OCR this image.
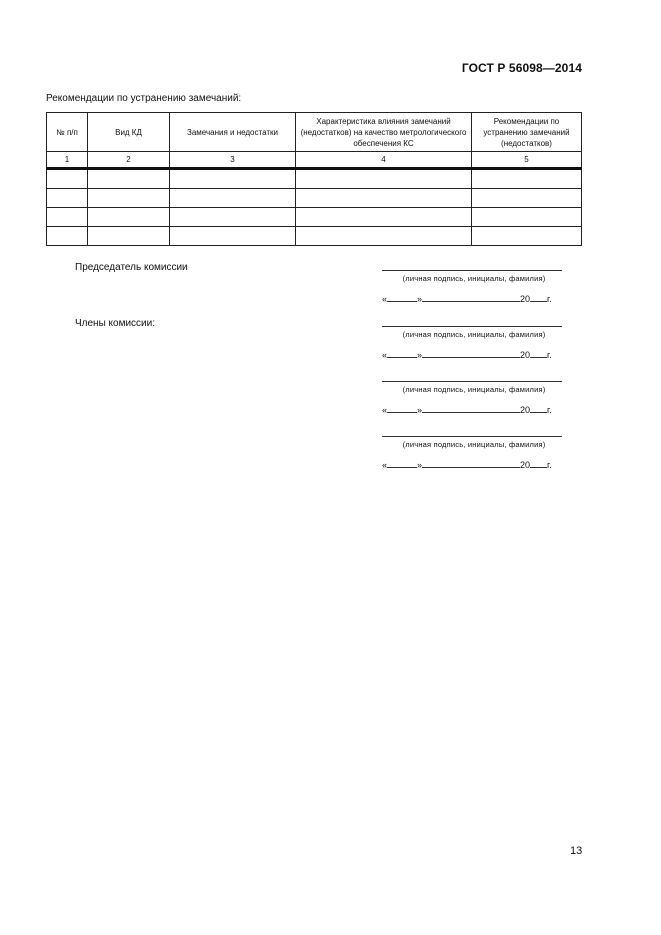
ГОСТ Р 56098—2014
Рекомендации по устранению замечаний:
№ п/п	Вид КД	Замечания и недостатки	Характеристика влияния замечаний (недостатков) на качество метрологического обеспечения КС	Рекомендации по устранению замечаний (недостатков)
1	2	3	4	5

Председатель комиссии
(личная подпись, инициалы, фамилия)
«	»	20 г.
Члены комиссии:
(личная подпись, инициалы, фамилия)
«	»	20 г.
(личная подпись, инициалы, фамилия)
«	»	20 г.
(личная подпись, инициалы, фамилия)
«	»	20 г.
13
